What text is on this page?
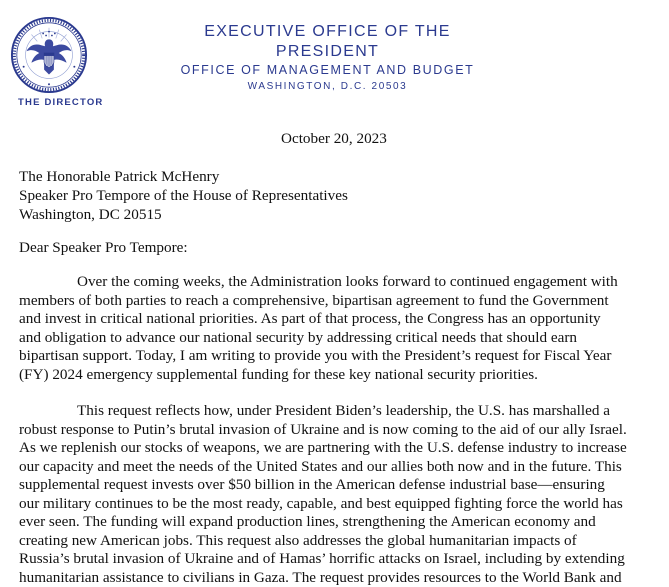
THE DIRECTOR
EXECUTIVE OFFICE OF THE PRESIDENT
OFFICE OF MANAGEMENT AND BUDGET
WASHINGTON, D.C. 20503
October 20, 2023
The Honorable Patrick McHenry
Speaker Pro Tempore of the House of Representatives
Washington, DC 20515
Dear Speaker Pro Tempore:
Over the coming weeks, the Administration looks forward to continued engagement with
members of both parties to reach a comprehensive, bipartisan agreement to fund the Government
and invest in critical national priorities. As part of that process, the Congress has an opportunity
and obligation to advance our national security by addressing critical needs that should earn
bipartisan support. Today, I am writing to provide you with the President’s request for Fiscal Year
(FY) 2024 emergency supplemental funding for these key national security priorities.
This request reflects how, under President Biden’s leadership, the U.S. has marshalled a
robust response to Putin’s brutal invasion of Ukraine and is now coming to the aid of our ally Israel.
As we replenish our stocks of weapons, we are partnering with the U.S. defense industry to increase
our capacity and meet the needs of the United States and our allies both now and in the future. This
supplemental request invests over $50 billion in the American defense industrial base—ensuring
our military continues to be the most ready, capable, and best equipped fighting force the world has
ever seen. The funding will expand production lines, strengthening the American economy and
creating new American jobs. This request also addresses the global humanitarian impacts of
Russia’s brutal invasion of Ukraine and of Hamas’ horrific attacks on Israel, including by extending
humanitarian assistance to civilians in Gaza. The request provides resources to the World Bank and
